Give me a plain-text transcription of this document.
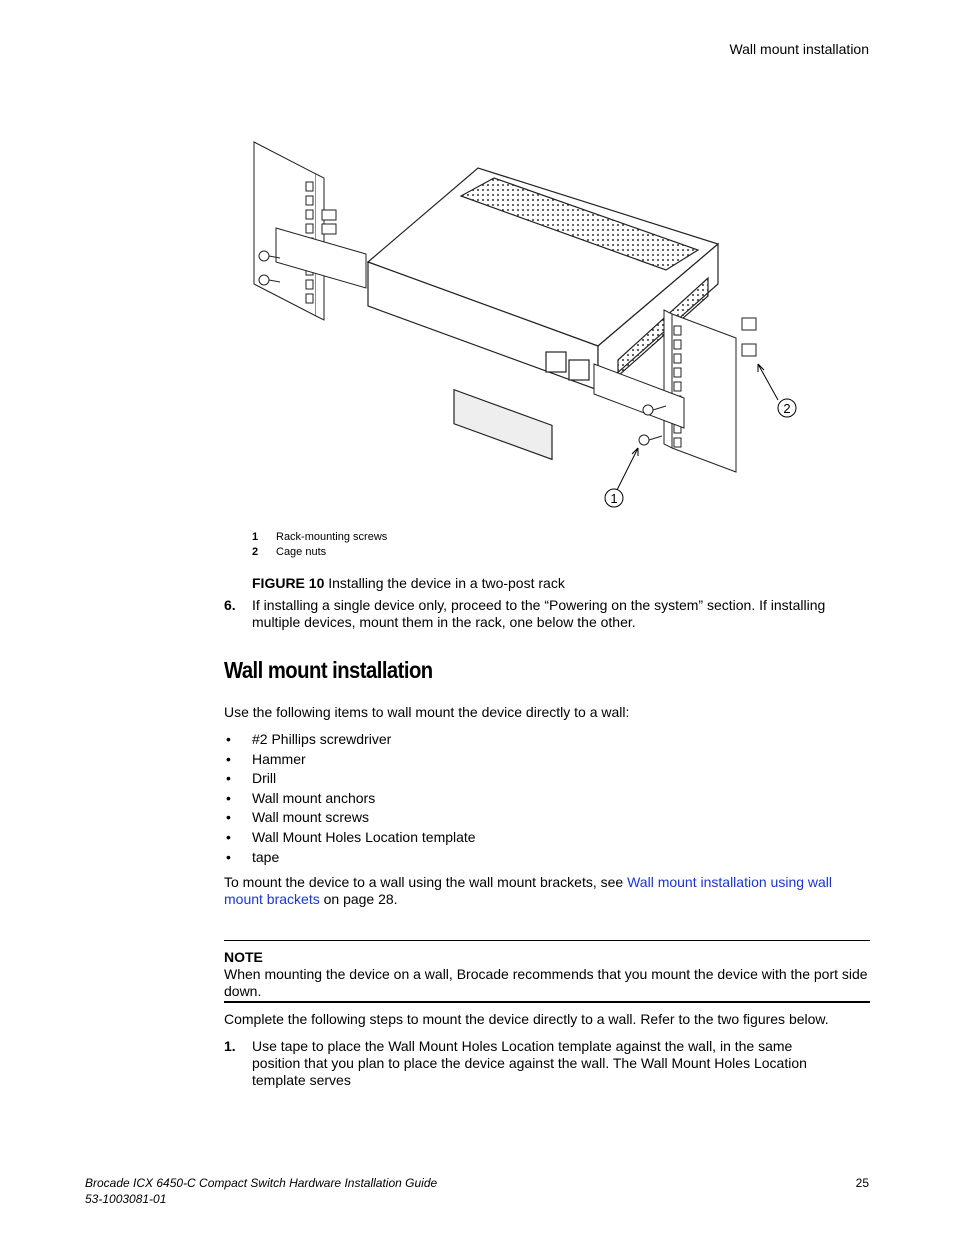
Wall mount installation
1
2
1 Rack-mounting screws
2 Cage nuts
FIGURE 10 Installing the device in a two-post rack
6. If installing a single device only, proceed to the “Powering on the system” section. If installing multiple devices, mount them in the rack, one below the other.
Wall mount installation
Use the following items to wall mount the device directly to a wall:
• #2 Phillips screwdriver
• Hammer
• Drill
• Wall mount anchors
• Wall mount screws
• Wall Mount Holes Location template
• tape
To mount the device to a wall using the wall mount brackets, see Wall mount installation using wall mount brackets on page 28.
NOTE
When mounting the device on a wall, Brocade recommends that you mount the device with the port side down.
Complete the following steps to mount the device directly to a wall. Refer to the two figures below.
1. Use tape to place the Wall Mount Holes Location template against the wall, in the same position that you plan to place the device against the wall. The Wall Mount Holes Location template serves
Brocade ICX 6450-C Compact Switch Hardware Installation Guide
53-1003081-01
25
